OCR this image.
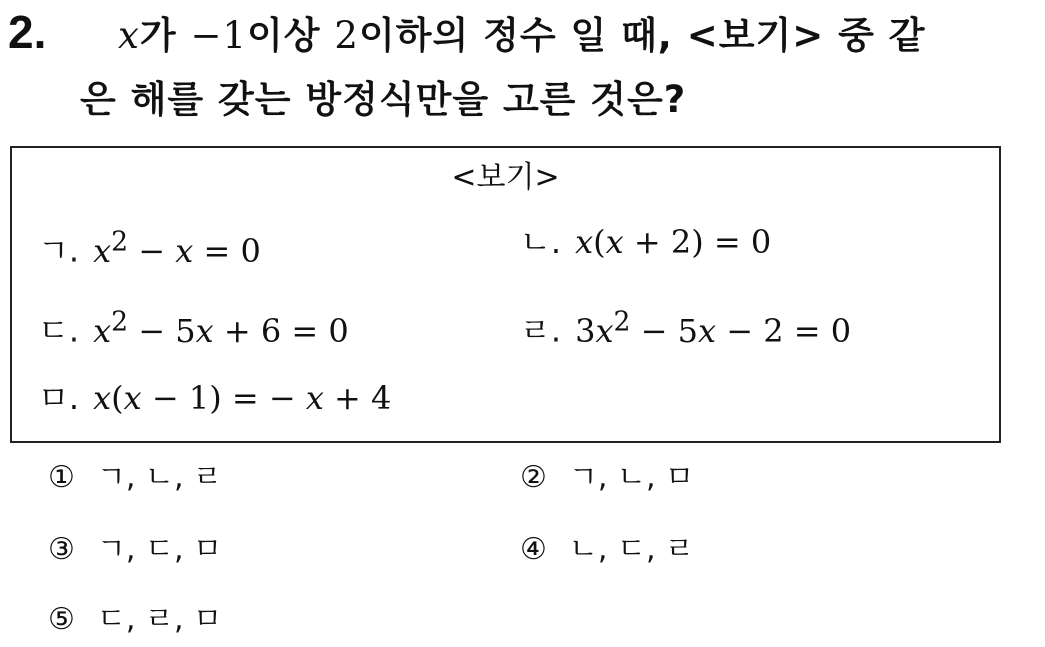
2. x가 −1이상 2이하의 정수 일 때, <보기> 중 같
은 해를 갖는 방정식만을 고른 것은?
<보기>
ㄱ. $x^2 - x = 0$	ㄴ. x(x + 2) = 0
ㄷ. $x^2 - 5x + 6 = 0$	ㄹ. $3x^2 - 5x - 2 = 0$
ㅁ. x(x − 1) = − x + 4
① ㄱ, ㄴ, ㄹ	② ㄱ, ㄴ, ㅁ
③ ㄱ, ㄷ, ㅁ	④ ㄴ, ㄷ, ㄹ
⑤ ㄷ, ㄹ, ㅁ
